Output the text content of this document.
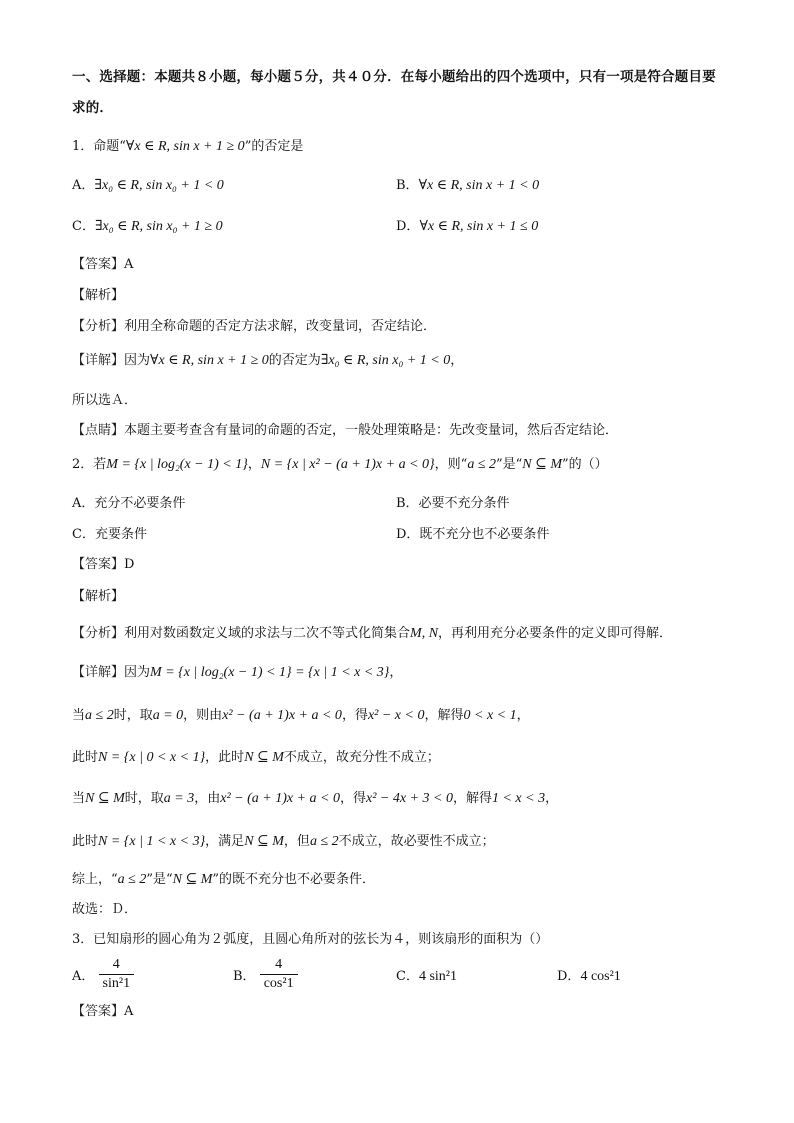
一、选择题：本题共８小题，每小题５分，共４０分．在每小题给出的四个选项中，只有一项是符合题目要
求的．
1．命题“∀x ∈ R, sin x + 1 ≥ 0”的否定是
A．∃x₀ ∈ R, sin x₀ + 1 < 0	B．∀x ∈ R, sin x + 1 < 0
C．∃x₀ ∈ R, sin x₀ + 1 ≥ 0	D．∀x ∈ R, sin x + 1 ≤ 0
【答案】A
【解析】
【分析】利用全称命题的否定方法求解，改变量词，否定结论．
【详解】因为∀x ∈ R, sin x + 1 ≥ 0的否定为∃x₀ ∈ R, sin x₀ + 1 < 0，
所以选Ａ．
【点睛】本题主要考查含有量词的命题的否定，一般处理策略是：先改变量词，然后否定结论．
2．若M = {x | log₂(x − 1) < 1}，N = {x | x² − (a + 1)x + a < 0}，则“a ≤ 2”是“N ⊆ M”的（）
A．充分不必要条件	B．必要不充分条件
C．充要条件	D．既不充分也不必要条件
【答案】D
【解析】
【分析】利用对数函数定义域的求法与二次不等式化简集合M, N，再利用充分必要条件的定义即可得解．
【详解】因为M = {x | log₂(x − 1) < 1} = {x | 1 < x < 3}，
当a ≤ 2时，取a = 0，则由x² − (a + 1)x + a < 0，得x² − x < 0，解得0 < x < 1，
此时N = {x | 0 < x < 1}，此时N ⊆ M不成立，故充分性不成立；
当N ⊆ M时，取a = 3，由x² − (a + 1)x + a < 0，得x² − 4x + 3 < 0，解得1 < x < 3，
此时N = {x | 1 < x < 3}，满足N ⊆ M，但a ≤ 2不成立，故必要性不成立；
综上，“a ≤ 2”是“N ⊆ M”的既不充分也不必要条件．
故选：Ｄ．
3．已知扇形的圆心角为２弧度，且圆心角所对的弦长为４，则该扇形的面积为（）
A． $\frac{4}{\text{sin²1}}$	B． $\frac{4}{\text{cos²1}}$	C．4 sin²1	D．4 cos²1
【答案】A
